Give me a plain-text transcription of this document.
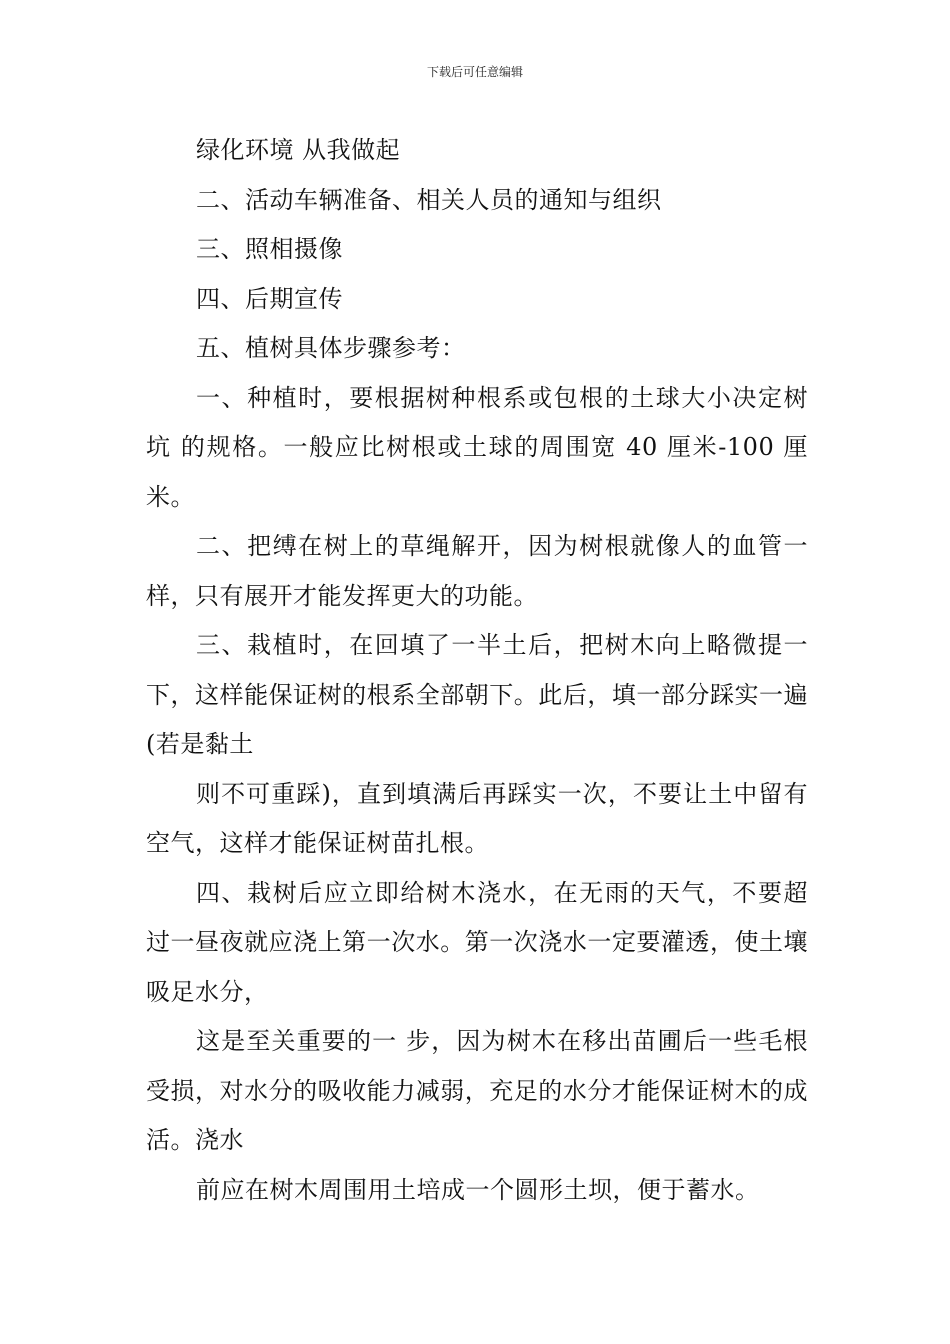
下载后可任意编辑

绿化环境 从我做起

二、活动车辆准备、相关人员的通知与组织

三、照相摄像

四、后期宣传

五、植树具体步骤参考：

一、种植时，要根据树种根系或包根的土球大小决定树坑 的规格。一般应比树根或土球的周围宽 40 厘米-100 厘米。

二、把缚在树上的草绳解开，因为树根就像人的血管一样，只有展开才能发挥更大的功能。

三、栽植时，在回填了一半土后，把树木向上略微提一下，这样能保证树的根系全部朝下。此后，填一部分踩实一遍(若是黏土

则不可重踩)，直到填满后再踩实一次，不要让土中留有空气，这样才能保证树苗扎根。

四、栽树后应立即给树木浇水，在无雨的天气，不要超过一昼夜就应浇上第一次水。第一次浇水一定要灌透，使土壤吸足水分，

这是至关重要的一 步，因为树木在移出苗圃后一些毛根受损，对水分的吸收能力减弱，充足的水分才能保证树木的成活。浇水

前应在树木周围用土培成一个圆形土坝，便于蓄水。
